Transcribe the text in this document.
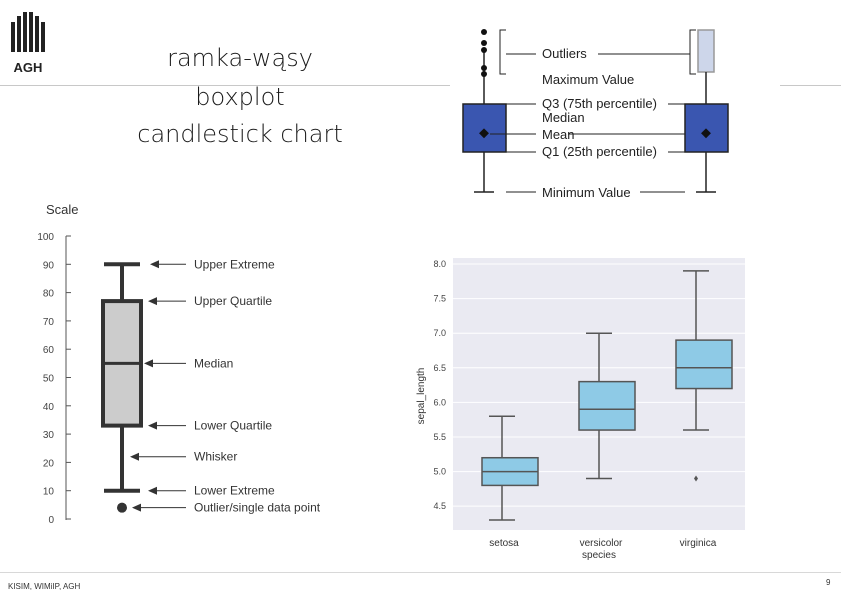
AGH	ramka-wąsy
boxplot
candlestick chart
Outliers
Maximum Value
Q3 (75th percentile)
Median
Mean
Q1 (25th percentile)
Minimum Value
Scale
100
90
80
70
60
50
40
30
20
10
0
Upper Extreme
Upper Quartile
Median
Lower Quartile
Whisker
Lower Extreme
Outlier/single data point	4.5
5.0
5.5
6.0
6.5
7.0
7.5
8.0
setosa	versicolor	virginica
species
sepal_length
KISIM, WIMiIP, AGH	9
